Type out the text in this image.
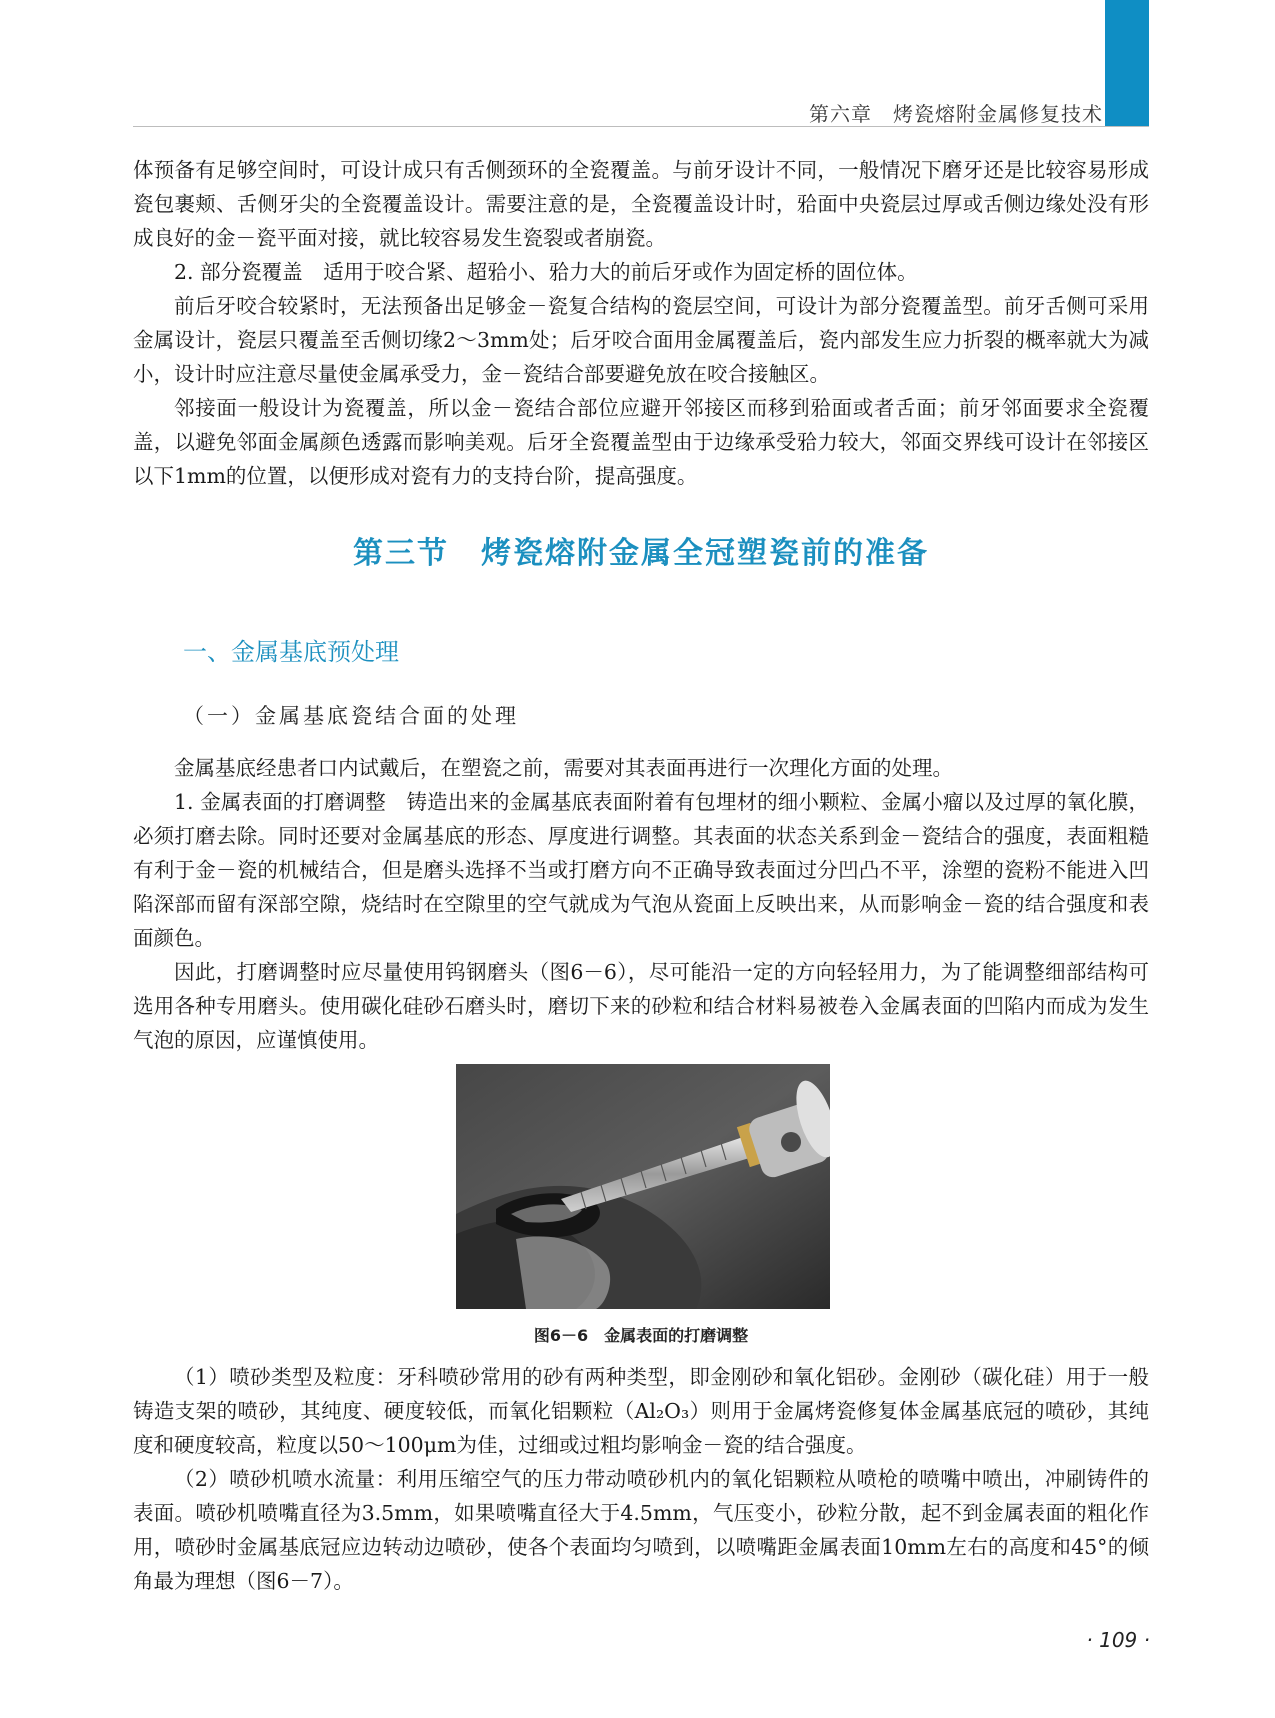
第六章　烤瓷熔附金属修复技术

体预备有足够空间时，可设计成只有舌侧颈环的全瓷覆盖。与前牙设计不同，一般情况下磨牙还是比较容易形成瓷包裹颊、舌侧牙尖的全瓷覆盖设计。需要注意的是，全瓷覆盖设计时，𬌗面中央瓷层过厚或舌侧边缘处没有形成良好的金－瓷平面对接，就比较容易发生瓷裂或者崩瓷。

2. 部分瓷覆盖　适用于咬合紧、超𬌗小、𬌗力大的前后牙或作为固定桥的固位体。

前后牙咬合较紧时，无法预备出足够金－瓷复合结构的瓷层空间，可设计为部分瓷覆盖型。前牙舌侧可采用金属设计，瓷层只覆盖至舌侧切缘2～3mm处；后牙咬合面用金属覆盖后，瓷内部发生应力折裂的概率就大为减小，设计时应注意尽量使金属承受力，金－瓷结合部要避免放在咬合接触区。

邻接面一般设计为瓷覆盖，所以金－瓷结合部位应避开邻接区而移到𬌗面或者舌面；前牙邻面要求全瓷覆盖，以避免邻面金属颜色透露而影响美观。后牙全瓷覆盖型由于边缘承受𬌗力较大，邻面交界线可设计在邻接区以下1mm的位置，以便形成对瓷有力的支持台阶，提高强度。

第三节　烤瓷熔附金属全冠塑瓷前的准备
一、金属基底预处理
（一）金属基底瓷结合面的处理

金属基底经患者口内试戴后，在塑瓷之前，需要对其表面再进行一次理化方面的处理。

1. 金属表面的打磨调整　铸造出来的金属基底表面附着有包埋材的细小颗粒、金属小瘤以及过厚的氧化膜，必须打磨去除。同时还要对金属基底的形态、厚度进行调整。其表面的状态关系到金－瓷结合的强度，表面粗糙有利于金－瓷的机械结合，但是磨头选择不当或打磨方向不正确导致表面过分凹凸不平，涂塑的瓷粉不能进入凹陷深部而留有深部空隙，烧结时在空隙里的空气就成为气泡从瓷面上反映出来，从而影响金－瓷的结合强度和表面颜色。

因此，打磨调整时应尽量使用钨钢磨头（图6－6），尽可能沿一定的方向轻轻用力，为了能调整细部结构可选用各种专用磨头。使用碳化硅砂石磨头时，磨切下来的砂粒和结合材料易被卷入金属表面的凹陷内而成为发生气泡的原因，应谨慎使用。

图6－6　金属表面的打磨调整

（1）喷砂类型及粒度：牙科喷砂常用的砂有两种类型，即金刚砂和氧化铝砂。金刚砂（碳化硅）用于一般铸造支架的喷砂，其纯度、硬度较低，而氧化铝颗粒（Al₂O₃）则用于金属烤瓷修复体金属基底冠的喷砂，其纯度和硬度较高，粒度以50～100μm为佳，过细或过粗均影响金－瓷的结合强度。

（2）喷砂机喷水流量：利用压缩空气的压力带动喷砂机内的氧化铝颗粒从喷枪的喷嘴中喷出，冲刷铸件的表面。喷砂机喷嘴直径为3.5mm，如果喷嘴直径大于4.5mm，气压变小，砂粒分散，起不到金属表面的粗化作用，喷砂时金属基底冠应边转动边喷砂，使各个表面均匀喷到，以喷嘴距金属表面10mm左右的高度和45°的倾角最为理想（图6－7）。

· 109 ·
